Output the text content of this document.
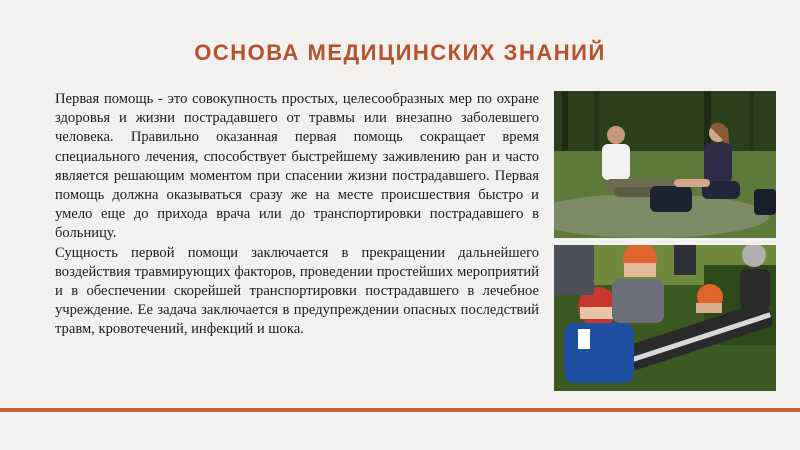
ОСНОВА МЕДИЦИНСКИХ ЗНАНИЙ

Первая помощь - это совокупность простых, целесообразных мер по охране здоровья и жизни пострадавшего от травмы или внезапно заболевшего человека. Правильно оказанная первая помощь сокращает время специального лечения, способствует быстрейшему заживлению ран и часто является решающим моментом при спасении жизни пострадавшего. Первая помощь должна оказываться сразу же на месте происшествия быстро и умело еще до прихода врача или до транспортировки пострадавшего в больницу.

Сущность первой помощи заключается в прекращении дальнейшего воздействия травмирующих факторов, проведении простейших мероприятий и в обеспечении скорейшей транспортировки пострадавшего в лечебное учреждение. Ее задача заключается в предупреждении опасных последствий травм, кровотечений, инфекций и шока.
